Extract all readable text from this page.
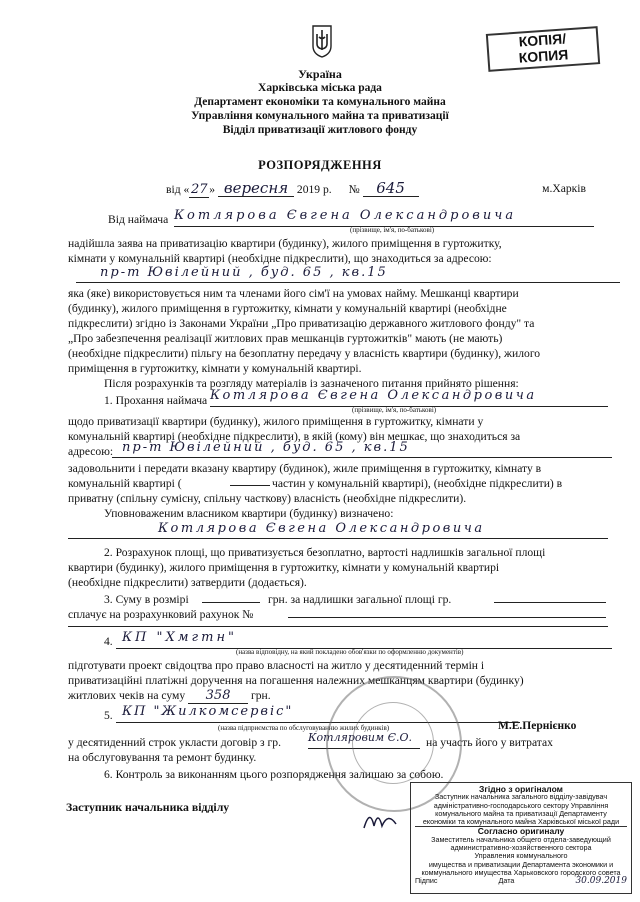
КОПІЯ/
КОПИЯ
Україна
Харківська міська рада
Департамент економіки та комунального майна
Управління комунального майна та приватизації
Відділ приватизації житлового фонду
РОЗПОРЯДЖЕННЯ
від « 27 » вересня 2019 р. № 645	м.Харків
Від наймача Котлярова Євгена Олександровича
(прізвище, ім'я, по-батькові)
надійшла заява на приватизацію квартири (будинку), жилого приміщення в гуртожитку,
кімнати у комунальній квартирі (необхідне підкреслити), що знаходиться за адресою:
пр-т Ювілейний , буд. 65 , кв.15
яка (яке) використовується ним та членами його сім'ї на умовах найму. Мешканці квартири
(будинку), жилого приміщення в гуртожитку, кімнати у комунальній квартирі (необхідне
підкреслити) згідно із Законами України „Про приватизацію державного житлового фонду" та
„Про забезпечення реалізації житлових прав мешканців гуртожитків" мають (не мають)
(необхідне підкреслити) пільгу на безоплатну передачу у власність квартири (будинку), жилого
приміщення в гуртожитку, кімнати у комунальній квартирі.
Після розрахунків та розгляду матеріалів із зазначеного питання прийнято рішення:
1. Прохання наймача Котлярова Євгена Олександровича
(прізвище, ім'я, по-батькові)
щодо приватизації квартири (будинку), жилого приміщення в гуртожитку, кімнати у
комунальній квартирі (необхідне підкреслити), в якій (кому) він мешкає, що знаходиться за
адресою: пр-т Ювілейний , буд. 65 , кв.15
задовольнити і передати вказану квартиру (будинок), жиле приміщення в гуртожитку, кімнату в
комунальній квартирі (	частин у комунальній квартирі), (необхідне підкреслити) в
приватну (спільну сумісну, спільну часткову) власність (необхідне підкреслити).
Уповноваженим власником квартири (будинку) визначено:
Котлярова Євгена Олександровича
2. Розрахунок площі, що приватизується безоплатно, вартості надлишків загальної площі
квартири (будинку), жилого приміщення в гуртожитку, кімнати у комунальній квартирі
(необхідне підкреслити) затвердити (додається).
3. Суму в розмірі	грн. за надлишки загальної площі гр.
сплачує на розрахунковий рахунок №
4. КП "Хмгтн"
(назва відповідну, на який покладено обов'язки по оформленню документів)
підготувати проект свідоцтва про право власності на житло у десятиденний термін і
приватизаційні платіжні доручення на погашення належних мешканцям квартири (будинку)
житлових чеків на суму 358 грн.
5. КП "Жилкомсервіс"
(назва підприємства по обслуговуванню жилих будинків)
у десятиденний строк укласти договір з гр. Котляровим Є.О.	на участь його у витратах
на обслуговування та ремонт будинку.
6. Контроль за виконанням цього розпорядження залишаю за собою.
Заступник начальника відділу
М.Е.Пернієнко
Згідно з оригіналом
Заступник начальника загального відділу-завідувач
адміністративно-господарського сектору Управління
комунального майна та приватизації Департаменту
економіки та комунального майна Харківської міської ради
Согласно оригиналу
Заместитель начальника общего отдела-заведующий
административно-хозяйственного сектора
Управления коммунального
имущества и приватизации Департамента экономики и
коммунального имущества Харьковского городского совета
Підпис	Дата	30.09.2019
